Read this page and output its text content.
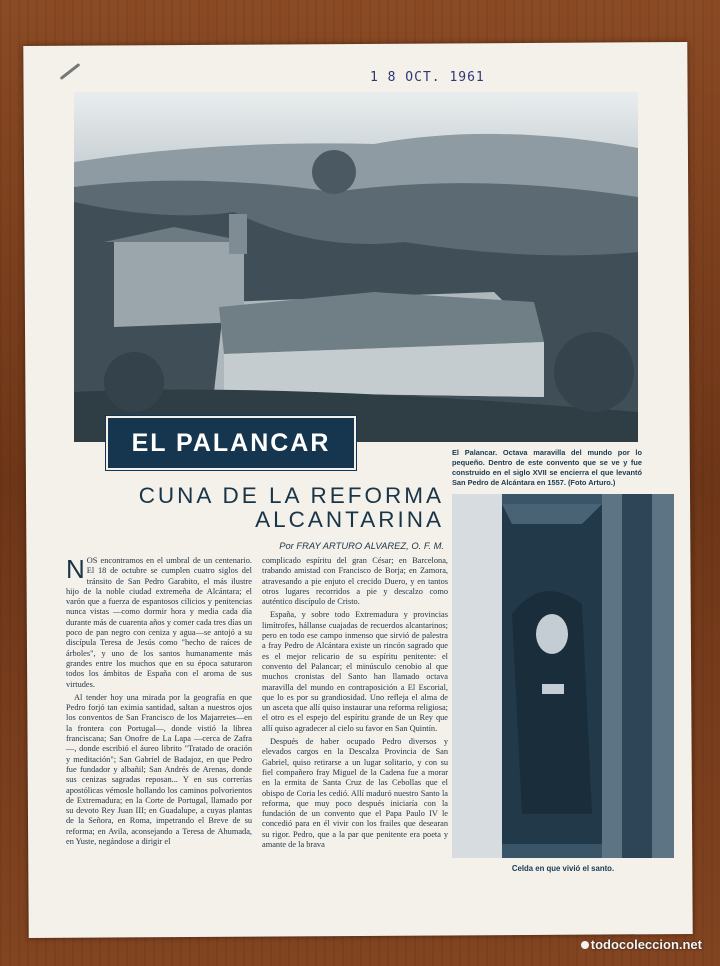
1 8 OCT. 1961
EL PALANCAR	El Palancar. Octava maravilla del mundo por lo pequeño. Dentro de este convento que se ve y fue construido en el siglo XVII se encierra el que levantó San Pedro de Alcántara en 1557. (Foto Arturo.)
CUNA DE LA REFORMA
ALCANTARINA
Por FRAY ARTURO ALVAREZ, O. F. M.

NOS encontramos en el umbral de un centenario. El 18 de octubre se cumplen cuatro siglos del tránsito de San Pedro Garabito, el más ilustre hijo de la noble ciudad extremeña de Alcántara; el varón que a fuerza de espantosos cilicios y penitencias nunca vistas —como dormir hora y media cada día durante más de cuarenta años y comer cada tres días un poco de pan negro con ceniza y agua—se antojó a su discípula Teresa de Jesús como "hecho de raíces de árboles", y uno de los santos humanamente más grandes entre los muchos que en su época saturaron todos los ámbitos de España con el aroma de sus virtudes.

Al tender hoy una mirada por la geografía en que Pedro forjó tan eximia santidad, saltan a nuestros ojos los conventos de San Francisco de los Majarretes—en la frontera con Portugal—, donde vistió la librea franciscana; San Onofre de La Lapa —cerca de Zafra—, donde escribió el áureo librito "Tratado de oración y meditación"; San Gabriel de Badajoz, en que Pedro fue fundador y albañil; San Andrés de Arenas, donde sus cenizas sagradas reposan... Y en sus correrías apostólicas vémosle hollando los caminos polvorientos de Extremadura; en la Corte de Portugal, llamado por su devoto Rey Juan III; en Guadalupe, a cuyas plantas de la Señora, en Roma, impetrando el Breve de su reforma; en Avila, aconsejando a Teresa de Ahumada, en Yuste, negándose a dirigir el

complicado espíritu del gran César; en Barcelona, trabando amistad con Francisco de Borja; en Zamora, atravesando a pie enjuto el crecido Duero, y en tantos otros lugares recorridos a pie y descalzo como auténtico discípulo de Cristo.

España, y sobre todo Extremadura y provincias limítrofes, hállanse cuajadas de recuerdos alcantarinos; pero en todo ese campo inmenso que sirvió de palestra a fray Pedro de Alcántara existe un rincón sagrado que es el mejor relicario de su espíritu penitente: el convento del Palancar; el minúsculo cenobio al que muchos cronistas del Santo han llamado octava maravilla del mundo en contraposición a El Escorial, que lo es por su grandiosidad. Uno refleja el alma de un asceta que allí quiso instaurar una reforma religiosa; el otro es el espejo del espíritu grande de un Rey que allí quiso agradecer al cielo su favor en San Quintín.

Después de haber ocupado Pedro diversos y elevados cargos en la Descalza Provincia de San Gabriel, quiso retirarse a un lugar solitario, y con su fiel compañero fray Miguel de la Cadena fue a morar en la ermita de Santa Cruz de las Cebollas que el obispo de Coria les cedió. Allí maduró nuestro Santo la reforma, que muy poco después iniciaría con la fundación de un convento que el Papa Paulo IV le concedió para en él vivir con los frailes que desearan su rigor. Pedro, que a la par que penitente era poeta y amante de la brava

Celda en que vivió el santo.
todocoleccion.net
